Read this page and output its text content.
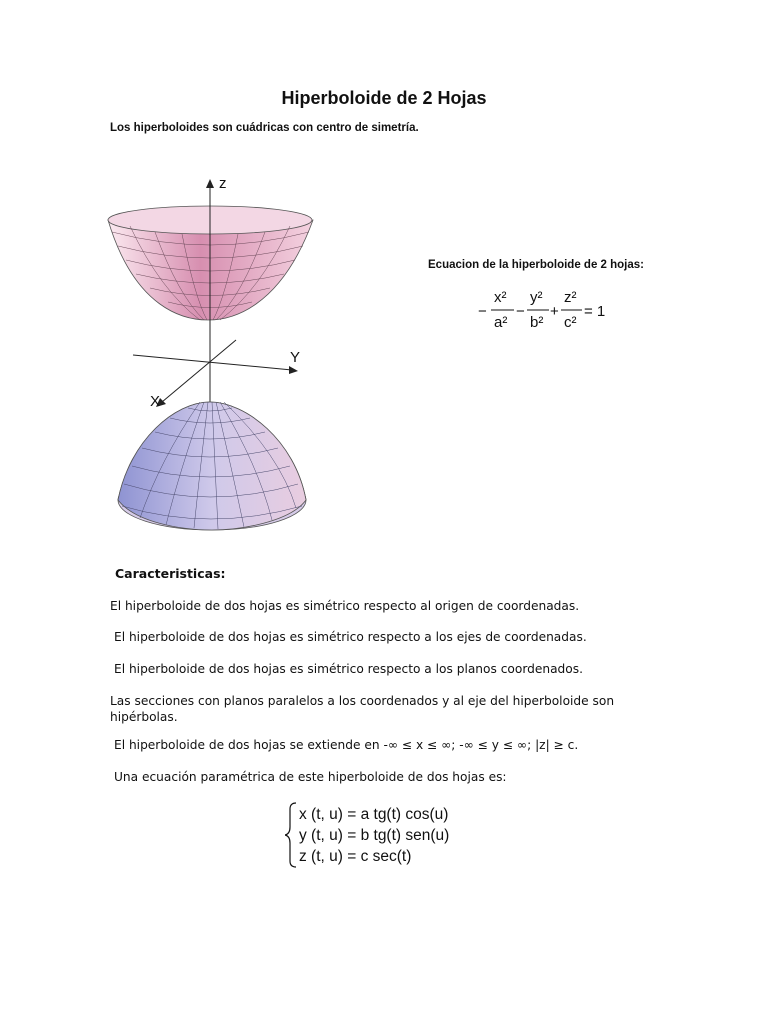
Hiperboloide de 2 Hojas
Los hiperboloides son cuádricas con centro de simetría.
z
Y
X
Ecuacion de la hiperboloide de 2 hojas:
−
x²
a²
−
y²
b²
+
z²
c²
= 1
Caracteristicas:
El hiperboloide de dos hojas es simétrico respecto al origen de coordenadas.
El hiperboloide de dos hojas es simétrico respecto a los ejes de coordenadas.
El hiperboloide de dos hojas es simétrico respecto a los planos coordenados.
Las secciones con planos paralelos a los coordenados y al eje del hiperboloide son
hipérbolas.
El hiperboloide de dos hojas se extiende en -∞ ≤ x ≤ ∞; -∞ ≤ y ≤ ∞; |z| ≥ c.
Una ecuación paramétrica de este hiperboloide de dos hojas es:
x (t, u) = a tg(t) cos(u)
y (t, u) = b tg(t) sen(u)
z (t, u) = c sec(t)
